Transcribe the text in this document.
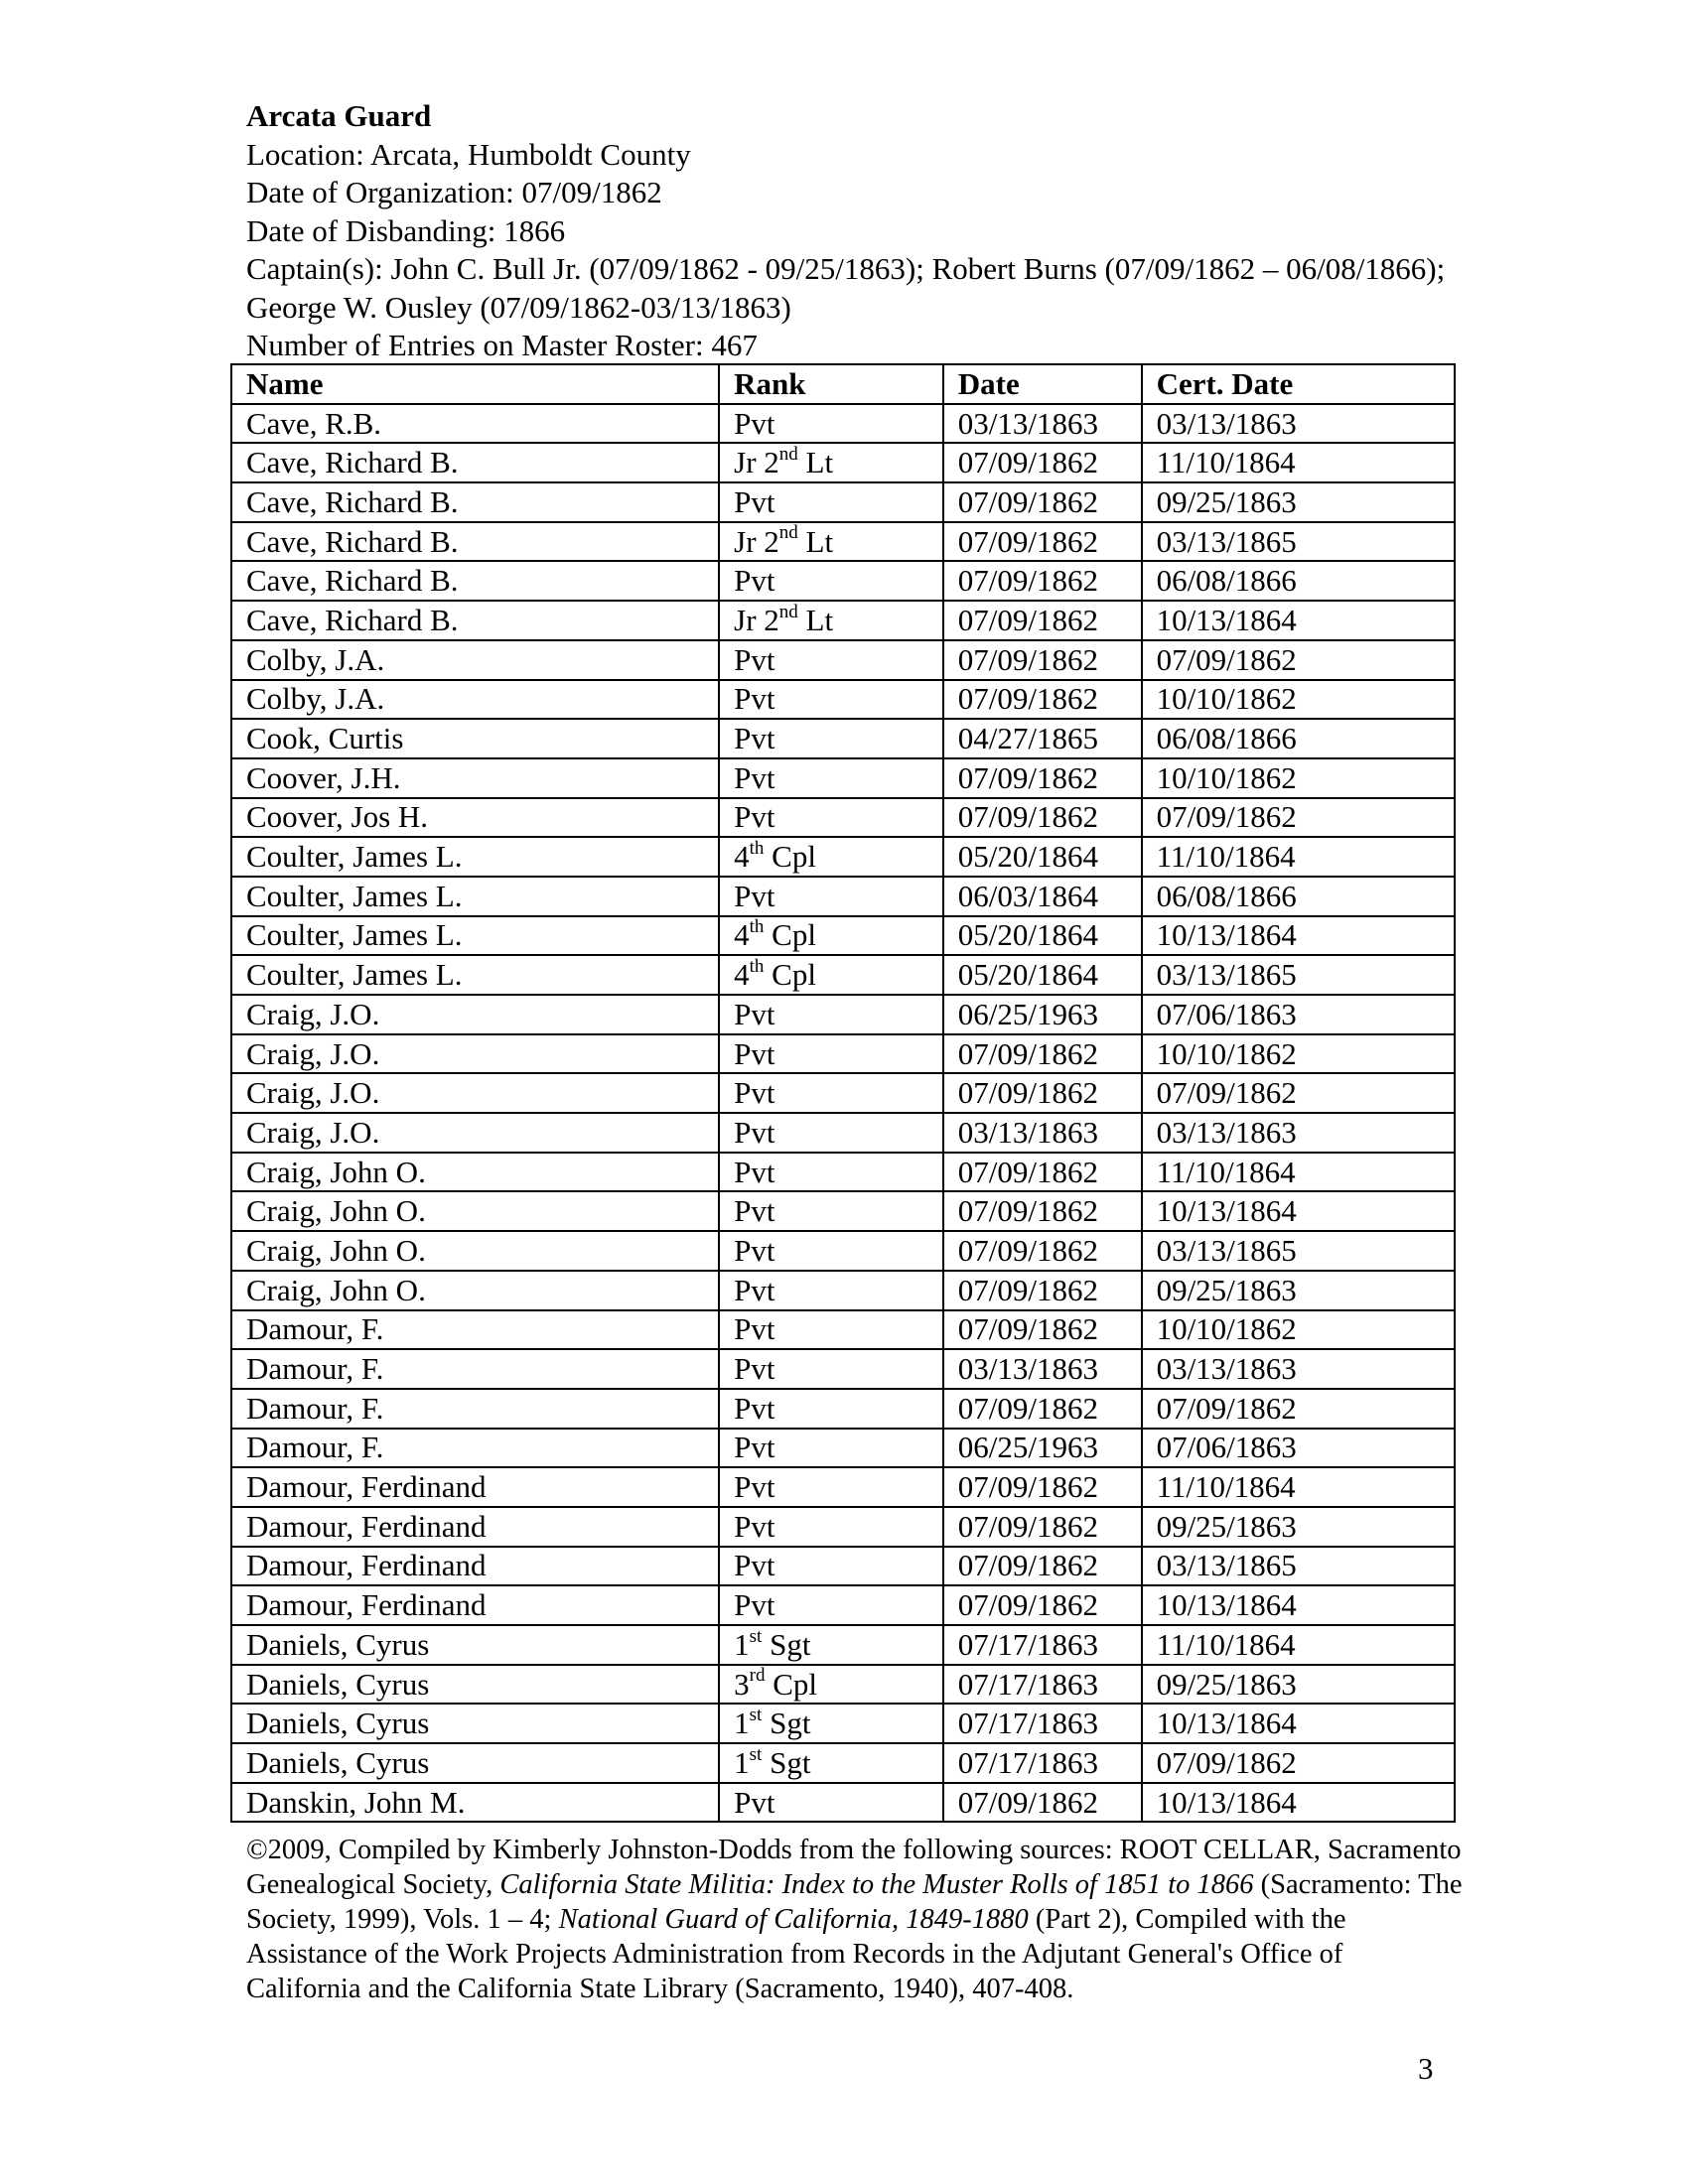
Arcata Guard
Location: Arcata, Humboldt County
Date of Organization: 07/09/1862
Date of Disbanding: 1866
Captain(s): John C. Bull Jr. (07/09/1862 - 09/25/1863); Robert Burns (07/09/1862 – 06/08/1866); George W. Ousley (07/09/1862-03/13/1863)
Number of Entries on Master Roster: 467
Name	Rank	Date	Cert. Date
Cave, R.B.	Pvt	03/13/1863	03/13/1863
Cave, Richard B.	Jr 2nd Lt	07/09/1862	11/10/1864
Cave, Richard B.	Pvt	07/09/1862	09/25/1863
Cave, Richard B.	Jr 2nd Lt	07/09/1862	03/13/1865
Cave, Richard B.	Pvt	07/09/1862	06/08/1866
Cave, Richard B.	Jr 2nd Lt	07/09/1862	10/13/1864
Colby, J.A.	Pvt	07/09/1862	07/09/1862
Colby, J.A.	Pvt	07/09/1862	10/10/1862
Cook, Curtis	Pvt	04/27/1865	06/08/1866
Coover, J.H.	Pvt	07/09/1862	10/10/1862
Coover, Jos H.	Pvt	07/09/1862	07/09/1862
Coulter, James L.	4th Cpl	05/20/1864	11/10/1864
Coulter, James L.	Pvt	06/03/1864	06/08/1866
Coulter, James L.	4th Cpl	05/20/1864	10/13/1864
Coulter, James L.	4th Cpl	05/20/1864	03/13/1865
Craig, J.O.	Pvt	06/25/1963	07/06/1863
Craig, J.O.	Pvt	07/09/1862	10/10/1862
Craig, J.O.	Pvt	07/09/1862	07/09/1862
Craig, J.O.	Pvt	03/13/1863	03/13/1863
Craig, John O.	Pvt	07/09/1862	11/10/1864
Craig, John O.	Pvt	07/09/1862	10/13/1864
Craig, John O.	Pvt	07/09/1862	03/13/1865
Craig, John O.	Pvt	07/09/1862	09/25/1863
Damour, F.	Pvt	07/09/1862	10/10/1862
Damour, F.	Pvt	03/13/1863	03/13/1863
Damour, F.	Pvt	07/09/1862	07/09/1862
Damour, F.	Pvt	06/25/1963	07/06/1863
Damour, Ferdinand	Pvt	07/09/1862	11/10/1864
Damour, Ferdinand	Pvt	07/09/1862	09/25/1863
Damour, Ferdinand	Pvt	07/09/1862	03/13/1865
Damour, Ferdinand	Pvt	07/09/1862	10/13/1864
Daniels, Cyrus	1st Sgt	07/17/1863	11/10/1864
Daniels, Cyrus	3rd Cpl	07/17/1863	09/25/1863
Daniels, Cyrus	1st Sgt	07/17/1863	10/13/1864
Daniels, Cyrus	1st Sgt	07/17/1863	07/09/1862
Danskin, John M.	Pvt	07/09/1862	10/13/1864
©2009, Compiled by Kimberly Johnston-Dodds from the following sources: ROOT CELLAR, Sacramento Genealogical Society, California State Militia: Index to the Muster Rolls of 1851 to 1866 (Sacramento: The Society, 1999), Vols. 1 – 4; National Guard of California, 1849-1880 (Part 2), Compiled with the Assistance of the Work Projects Administration from Records in the Adjutant General's Office of California and the California State Library (Sacramento, 1940), 407-408.
3
